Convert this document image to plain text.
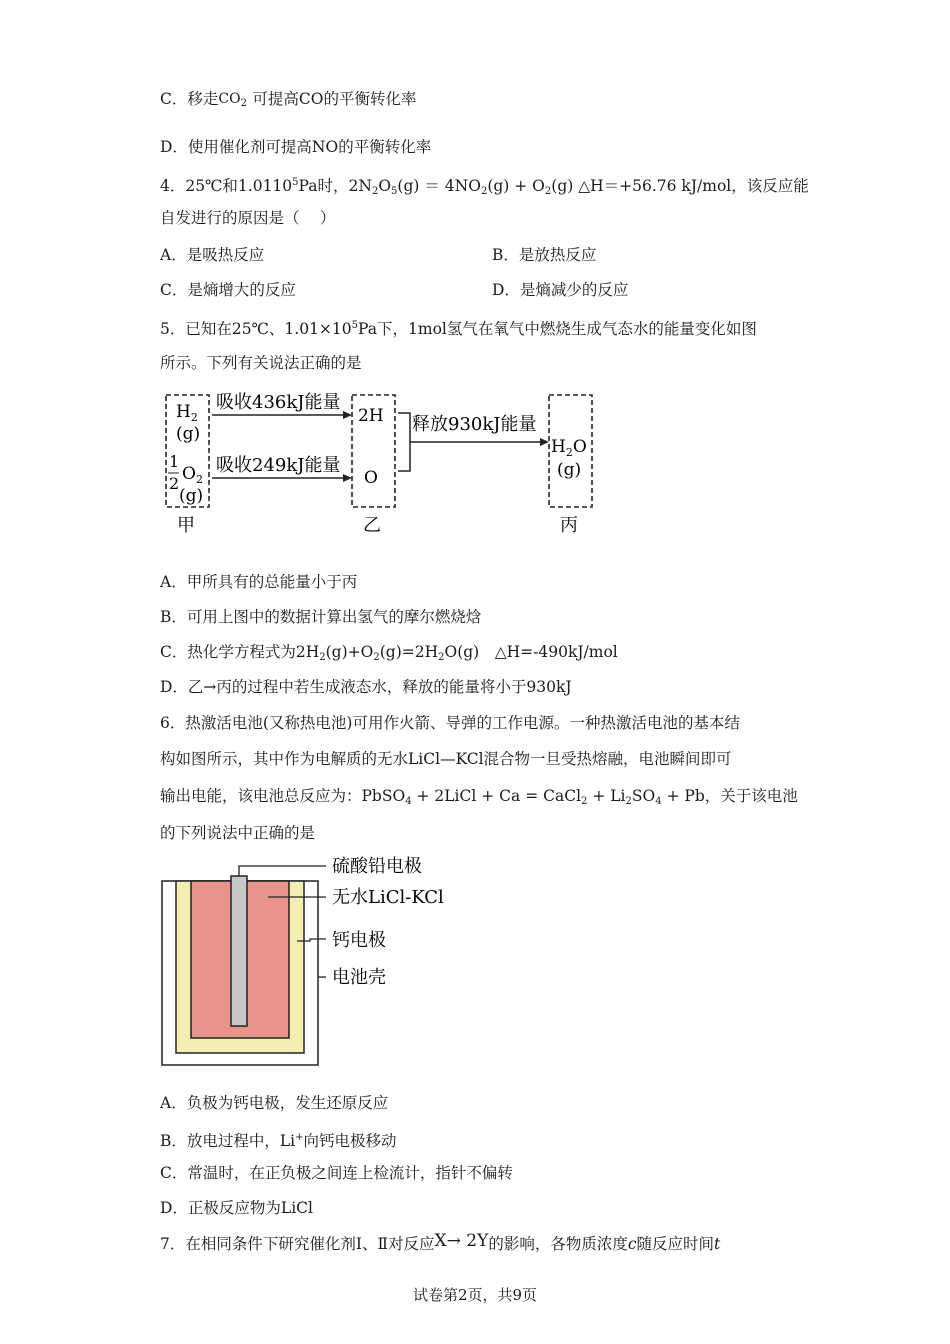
C．移走 $CO_2$ 可提高CO的平衡转化率
D．使用催化剂可提高NO的平衡转化率
4．25℃和1.0110$^5$Pa时，$2N_2O_5(g) = 4NO_2(g) + O_2(g)$ △H＝+56.76 kJ/mol，该反应能
自发进行的原因是（　 ）
A．是吸热反应	B．是放热反应
C．是熵增大的反应	D．是熵减少的反应
5．已知在25℃、$1.01\times 10^5Pa$下，1mol氢气在氧气中燃烧生成气态水的能量变化如图
所示。下列有关说法正确的是
$H_2$
(g)
1
2 $O_2$
(g)
吸收436kJ能量
吸收249kJ能量
2H
O
释放930kJ能量
$H_2O$
(g)
甲	乙	丙
A．甲所具有的总能量小于丙
B．可用上图中的数据计算出氢气的摩尔燃烧焓
C．热化学方程式为$2H_2(g)+O_2(g)=2H_2O(g)$　△H=-490kJ/mol
D．乙→丙的过程中若生成液态水，释放的能量将小于930kJ
6．热激活电池(又称热电池)可用作火箭、导弹的工作电源。一种热激活电池的基本结
构如图所示，其中作为电解质的无水LiCl—KCl混合物一旦受热熔融，电池瞬间即可
输出电能，该电池总反应为：PbSO$_4$ + 2LiCl + Ca = CaCl$_2$ + $Li_2SO_4 + Pb$，关于该电池
的下列说法中正确的是
硫酸铅电极
无水LiCl-KCl
钙电极
电池壳
A．负极为钙电极，发生还原反应
B．放电过程中，Li+向钙电极移动
C．常温时，在正负极之间连上检流计，指针不偏转
D．正极反应物为LiCl
7．在相同条件下研究催化剂Ⅰ、Ⅱ对反应X→ 2Y的影响，各物质浓度c随反应时间t
试卷第2页，共9页
